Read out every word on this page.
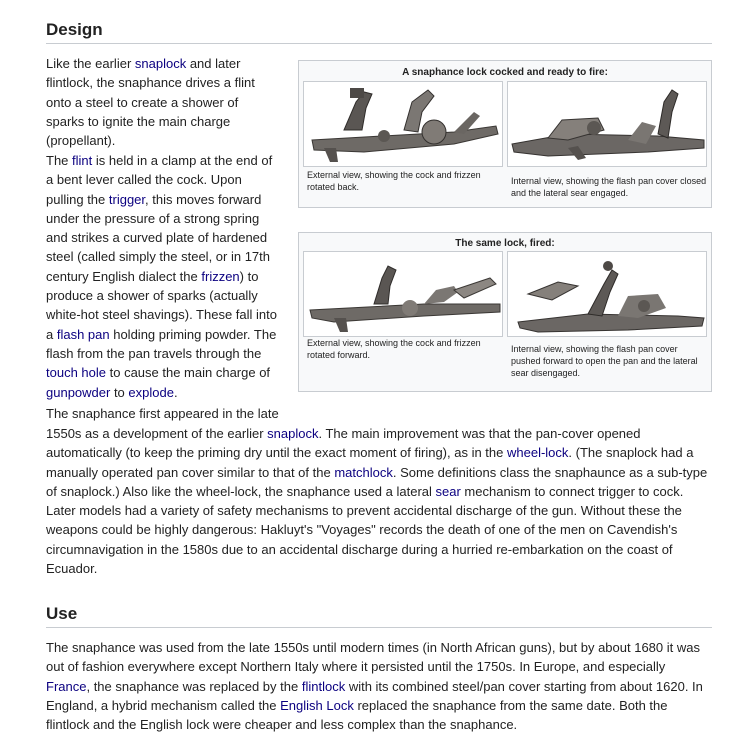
Design

Like the earlier snaplock and later flintlock, the snaphance drives a flint onto a steel to create a shower of sparks to ignite the main charge (propellant).

The flint is held in a clamp at the end of a bent lever called the cock. Upon pulling the trigger, this moves forward under the pressure of a strong spring and strikes a curved plate of hardened steel (called simply the steel, or in 17th century English dialect the frizzen) to produce a shower of sparks (actually white-hot steel shavings). These fall into a flash pan holding priming powder. The flash from the pan travels through the touch hole to cause the main charge of gunpowder to explode.

The snaphance first appeared in the late

1550s as a development of the earlier snaplock. The main improvement was that the pan-cover opened automatically (to keep the priming dry until the exact moment of firing), as in the wheel-lock. (The snaplock had a manually operated pan cover similar to that of the matchlock. Some definitions class the snaphaunce as a sub-type of snaplock.) Also like the wheel-lock, the snaphance used a lateral sear mechanism to connect trigger to cock. Later models had a variety of safety mechanisms to prevent accidental discharge of the gun. Without these the weapons could be highly dangerous: Hakluyt's "Voyages" records the death of one of the men on Cavendish's circumnavigation in the 1580s due to an accidental discharge during a hurried re-embarkation on the coast of Ecuador.

A snaphance lock cocked and ready to fire:
External view, showing the cock and frizzen rotated back.
Internal view, showing the flash pan cover closed and the lateral sear engaged.
The same lock, fired:
External view, showing the cock and frizzen rotated forward.
Internal view, showing the flash pan cover pushed forward to open the pan and the lateral sear disengaged.
Use

The snaphance was used from the late 1550s until modern times (in North African guns), but by about 1680 it was out of fashion everywhere except Northern Italy where it persisted until the 1750s. In Europe, and especially France, the snaphance was replaced by the flintlock with its combined steel/pan cover starting from about 1620. In England, a hybrid mechanism called the English Lock replaced the snaphance from the same date. Both the flintlock and the English lock were cheaper and less complex than the snaphance.
